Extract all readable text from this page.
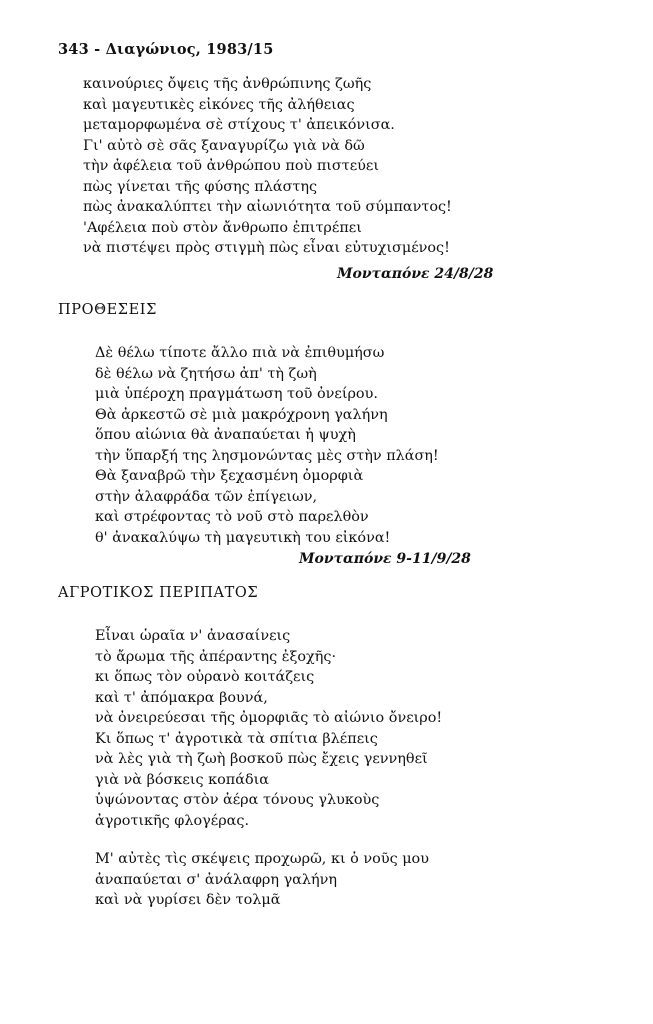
343 - Διαγώνιος, 1983/15
καινούριες ὄψεις τῆς ἀνθρώπινης ζωῆς
καὶ μαγευτικὲς εἰκόνες τῆς ἀλήθειας
μεταμορφωμένα σὲ στίχους τ' ἀπεικόνισα.
Γι' αὐτὸ σὲ σᾶς ξαναγυρίζω γιὰ νὰ δῶ
τὴν ἀφέλεια τοῦ ἀνθρώπου ποὺ πιστεύει
πὼς γίνεται τῆς φύσης πλάστης
πὼς ἀνακαλύπτει τὴν αἰωνιότητα τοῦ σύμπαντος!
'Αφέλεια ποὺ στὸν ἄνθρωπο ἐπιτρέπει
νὰ πιστέψει πρὸς στιγμὴ πὼς εἶναι εὐτυχισμένος!
Μονταπόνε 24/8/28
ΠΡΟΘΕΣΕΙΣ
Δὲ θέλω τίποτε ἄλλο πιὰ νὰ ἐπιθυμήσω
δὲ θέλω νὰ ζητήσω ἀπ' τὴ ζωὴ
μιὰ ὑπέροχη πραγμάτωση τοῦ ὀνείρου.
Θὰ ἀρκεστῶ σὲ μιὰ μακρόχρονη γαλήνη
ὅπου αἰώνια θὰ ἀναπαύεται ἡ ψυχὴ
τὴν ὕπαρξή της λησμονώντας μὲς στὴν πλάση!
Θὰ ξαναβρῶ τὴν ξεχασμένη ὀμορφιὰ
στὴν ἀλαφράδα τῶν ἐπίγειων,
καὶ στρέφοντας τὸ νοῦ στὸ παρελθὸν
θ' ἀνακαλύψω τὴ μαγευτικὴ του εἰκόνα!
Μονταπόνε 9-11/9/28
ΑΓΡΟΤΙΚΟΣ ΠΕΡΙΠΑΤΟΣ
Εἶναι ὡραῖα ν' ἀνασαίνεις
τὸ ἄρωμα τῆς ἀπέραντης ἐξοχῆς·
κι ὅπως τὸν οὐρανὸ κοιτάζεις
καὶ τ' ἀπόμακρα βουνά,
νὰ ὀνειρεύεσαι τῆς ὀμορφιᾶς τὸ αἰώνιο ὄνειρο!
Κι ὅπως τ' ἀγροτικὰ τὰ σπίτια βλέπεις
νὰ λὲς γιὰ τὴ ζωὴ βοσκοῦ πὼς ἔχεις γεννηθεῖ
γιὰ νὰ βόσκεις κοπάδια
ὑψώνοντας στὸν ἀέρα τόνους γλυκοὺς
ἀγροτικῆς φλογέρας.
Μ' αὐτὲς τὶς σκέψεις προχωρῶ, κι ὁ νοῦς μου
ἀναπαύεται σ' ἀνάλαφρη γαλήνη
καὶ νὰ γυρίσει δὲν τολμᾶ
